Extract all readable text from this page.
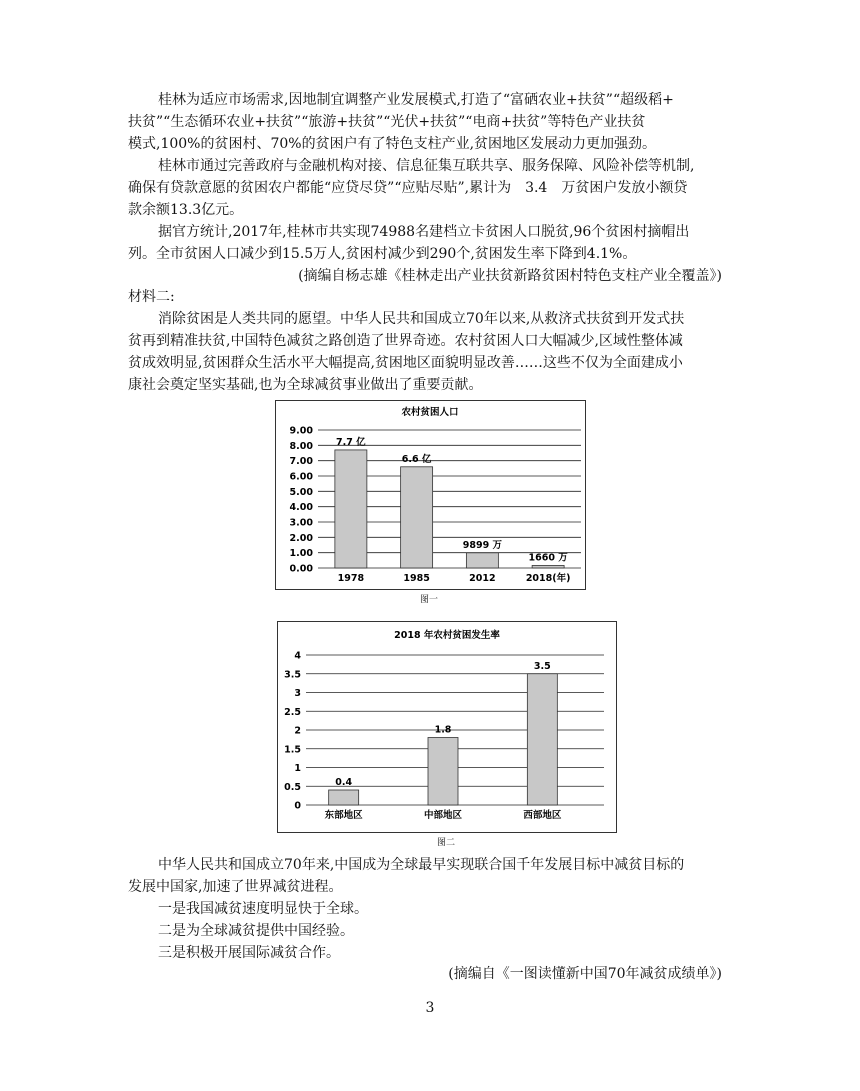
桂林为适应市场需求,因地制宜调整产业发展模式,打造了“富硒农业+扶贫”“超级稻+
扶贫”“生态循环农业+扶贫”“旅游+扶贫”“光伏+扶贫”“电商+扶贫”等特色产业扶贫
模式,100%的贫困村、70%的贫困户有了特色支柱产业,贫困地区发展动力更加强劲。
桂林市通过完善政府与金融机构对接、信息征集互联共享、服务保障、风险补偿等机制,
确保有贷款意愿的贫困农户都能“应贷尽贷”“应贴尽贴”,累计为　3.4　万贫困户发放小额贷
款余额13.3亿元。
据官方统计,2017年,桂林市共实现74988名建档立卡贫困人口脱贫,96个贫困村摘帽出
列。全市贫困人口减少到15.5万人,贫困村减少到290个,贫困发生率下降到4.1%。
(摘编自杨志雄《桂林走出产业扶贫新路贫困村特色支柱产业全覆盖》)
材料二:
消除贫困是人类共同的愿望。中华人民共和国成立70年以来,从救济式扶贫到开发式扶
贫再到精准扶贫,中国特色减贫之路创造了世界奇迹。农村贫困人口大幅减少,区域性整体减
贫成效明显,贫困群众生活水平大幅提高,贫困地区面貌明显改善……这些不仅为全面建成小
康社会奠定坚实基础,也为全球减贫事业做出了重要贡献。
农村贫困人口
0.00
1.00
2.00
3.00
4.00
5.00
6.00
7.00
8.00
9.00
7.7 亿
1978
6.6 亿
1985
9899 万
2012
1660 万
2018(年)
图一
2018 年农村贫困发生率
0
0.5
1
1.5
2
2.5
3
3.5
4
0.4
东部地区
1.8
中部地区
3.5
西部地区
图二
中华人民共和国成立70年来,中国成为全球最早实现联合国千年发展目标中减贫目标的
发展中国家,加速了世界减贫进程。
一是我国减贫速度明显快于全球。
二是为全球减贫提供中国经验。
三是积极开展国际减贫合作。
(摘编自《一图读懂新中国70年减贫成绩单》)
3
